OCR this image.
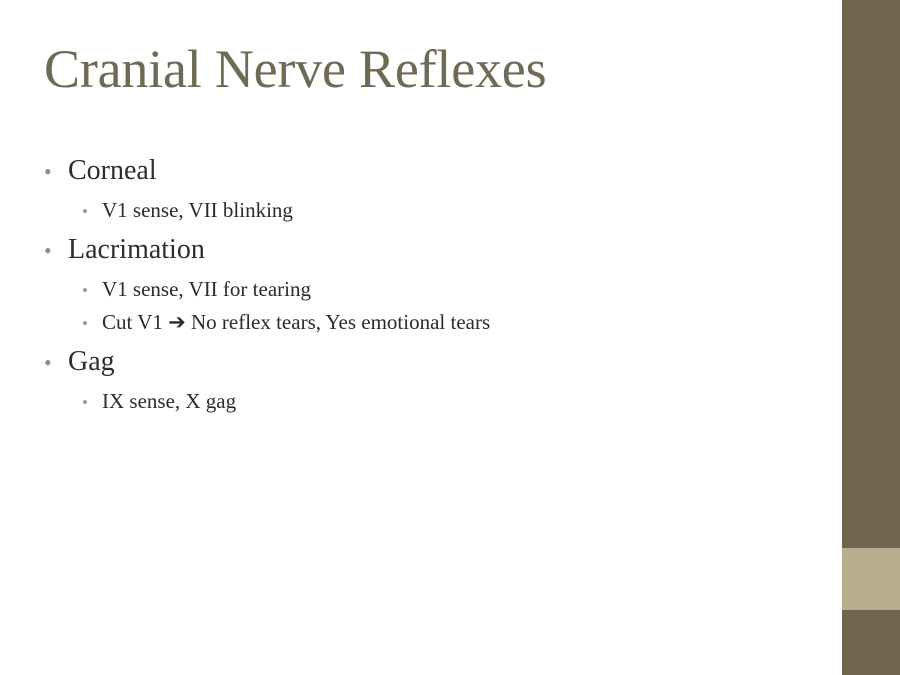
Cranial Nerve Reflexes
• Corneal
• V1 sense, VII blinking
• Lacrimation
• V1 sense, VII for tearing
• Cut V1 ➔ No reflex tears, Yes emotional tears
• Gag
• IX sense, X gag
